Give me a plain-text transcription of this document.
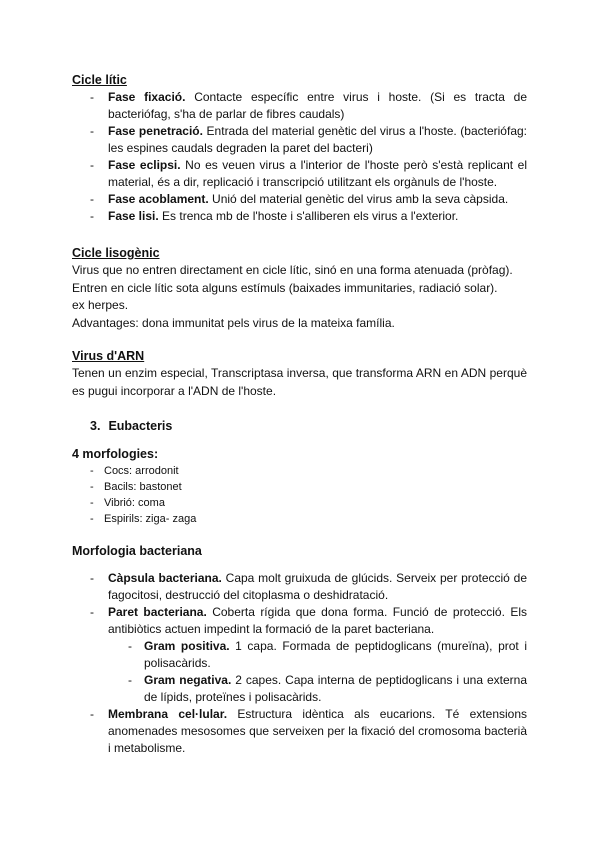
Cicle lític
- Fase fixació. Contacte específic entre virus i hoste. (Si es tracta de bacteriófag, s'ha de parlar de fibres caudals)
- Fase penetració. Entrada del material genètic del virus a l'hoste. (bacteriófag: les espines caudals degraden la paret del bacteri)
- Fase eclipsi. No es veuen virus a l'interior de l'hoste però s'està replicant el material, és a dir, replicació i transcripció utilitzant els orgànuls de l'hoste.
- Fase acoblament. Unió del material genètic del virus amb la seva càpsida.
- Fase lisi. Es trenca mb de l'hoste i s'alliberen els virus a l'exterior.
Cicle lisogènic

Virus que no entren directament en cicle lític, sinó en una forma atenuada (pròfag).

Entren en cicle lític sota alguns estímuls (baixades immunitaries, radiació solar).

ex herpes.

Advantages: dona immunitat pels virus de la mateixa família.

Virus d'ARN

Tenen un enzim especial, Transcriptasa inversa, que transforma ARN en ADN perquè es pugui incorporar a l'ADN de l'hoste.

3. Eubacteris
4 morfologies:
- Cocs: arrodonit
- Bacils: bastonet
- Vibrió: coma
- Espirils: ziga- zaga
Morfologia bacteriana
- Càpsula bacteriana. Capa molt gruixuda de glúcids. Serveix per protecció de fagocitosi, destrucció del citoplasma o deshidratació.
- Paret bacteriana. Coberta rígida que dona forma. Funció de protecció. Els antibiòtics actuen impedint la formació de la paret bacteriana.
- Gram positiva. 1 capa. Formada de peptidoglicans (mureïna), prot i polisacàrids.
- Gram negativa. 2 capes. Capa interna de peptidoglicans i una externa de lípids, proteïnes i polisacàrids.
- Membrana cel·lular. Estructura idèntica als eucarions. Té extensions anomenades mesosomes que serveixen per la fixació del cromosoma bacterià i metabolisme.
